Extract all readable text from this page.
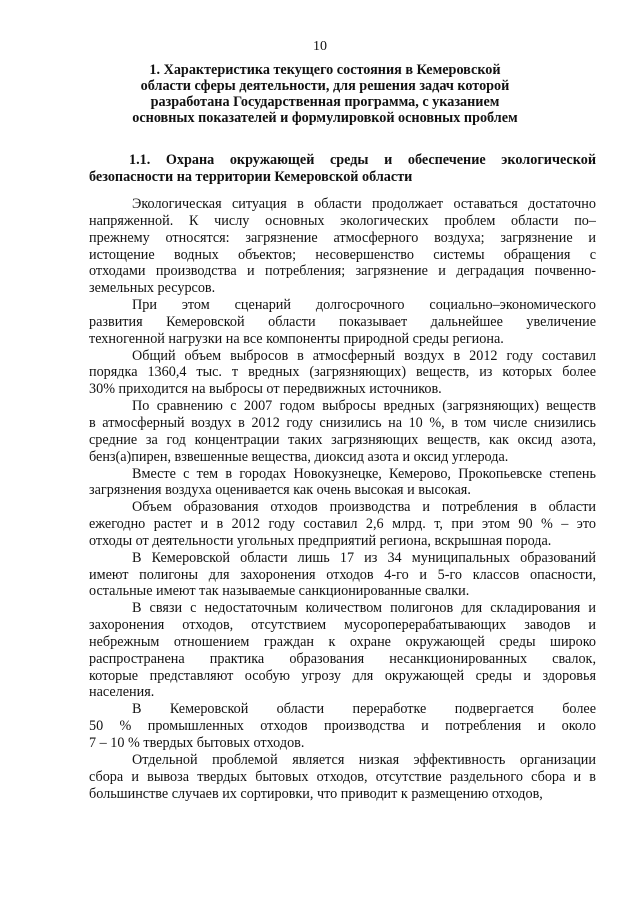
10
1. Характеристика текущего состояния в Кемеровской
области сферы деятельности, для решения задач которой
разработана Государственная программа, с указанием
основных показателей и формулировкой основных проблем
1.1. Охрана окружающей среды и обеспечение экологической
безопасности на территории Кемеровской области
Экологическая ситуация в области продолжает оставаться достаточно
напряженной. К числу основных экологических проблем области по–
прежнему относятся: загрязнение атмосферного воздуха; загрязнение и
истощение водных объектов; несовершенство системы обращения с
отходами производства и потребления; загрязнение и деградация почвенно-
земельных ресурсов.
При этом сценарий долгосрочного социально–экономического
развития Кемеровской области показывает дальнейшее увеличение
техногенной нагрузки на все компоненты природной среды региона.
Общий объем выбросов в атмосферный воздух в 2012 году составил
порядка 1360,4 тыс. т вредных (загрязняющих) веществ, из которых более
30% приходится на выбросы от передвижных источников.
По сравнению с 2007 годом выбросы вредных (загрязняющих) веществ
в атмосферный воздух в 2012 году снизились на 10 %, в том числе снизились
средние за год концентрации таких загрязняющих веществ, как оксид азота,
бенз(а)пирен, взвешенные вещества, диоксид азота и оксид углерода.
Вместе с тем в городах Новокузнецке, Кемерово, Прокопьевске степень
загрязнения воздуха оценивается как очень высокая и высокая.
Объем образования отходов производства и потребления в области
ежегодно растет и в 2012 году составил 2,6 млрд. т, при этом 90 % – это
отходы от деятельности угольных предприятий региона, вскрышная порода.
В Кемеровской области лишь 17 из 34 муниципальных образований
имеют полигоны для захоронения отходов 4-го и 5-го классов опасности,
остальные имеют так называемые санкционированные свалки.
В связи с недостаточным количеством полигонов для складирования и
захоронения отходов, отсутствием мусороперерабатывающих заводов и
небрежным отношением граждан к охране окружающей среды широко
распространена практика образования несанкционированных свалок,
которые представляют особую угрозу для окружающей среды и здоровья
населения.
В Кемеровской области переработке подвергается более
50 % промышленных отходов производства и потребления и около
7 – 10 % твердых бытовых отходов.
Отдельной проблемой является низкая эффективность организации
сбора и вывоза твердых бытовых отходов, отсутствие раздельного сбора и в
большинстве случаев их сортировки, что приводит к размещению отходов,
